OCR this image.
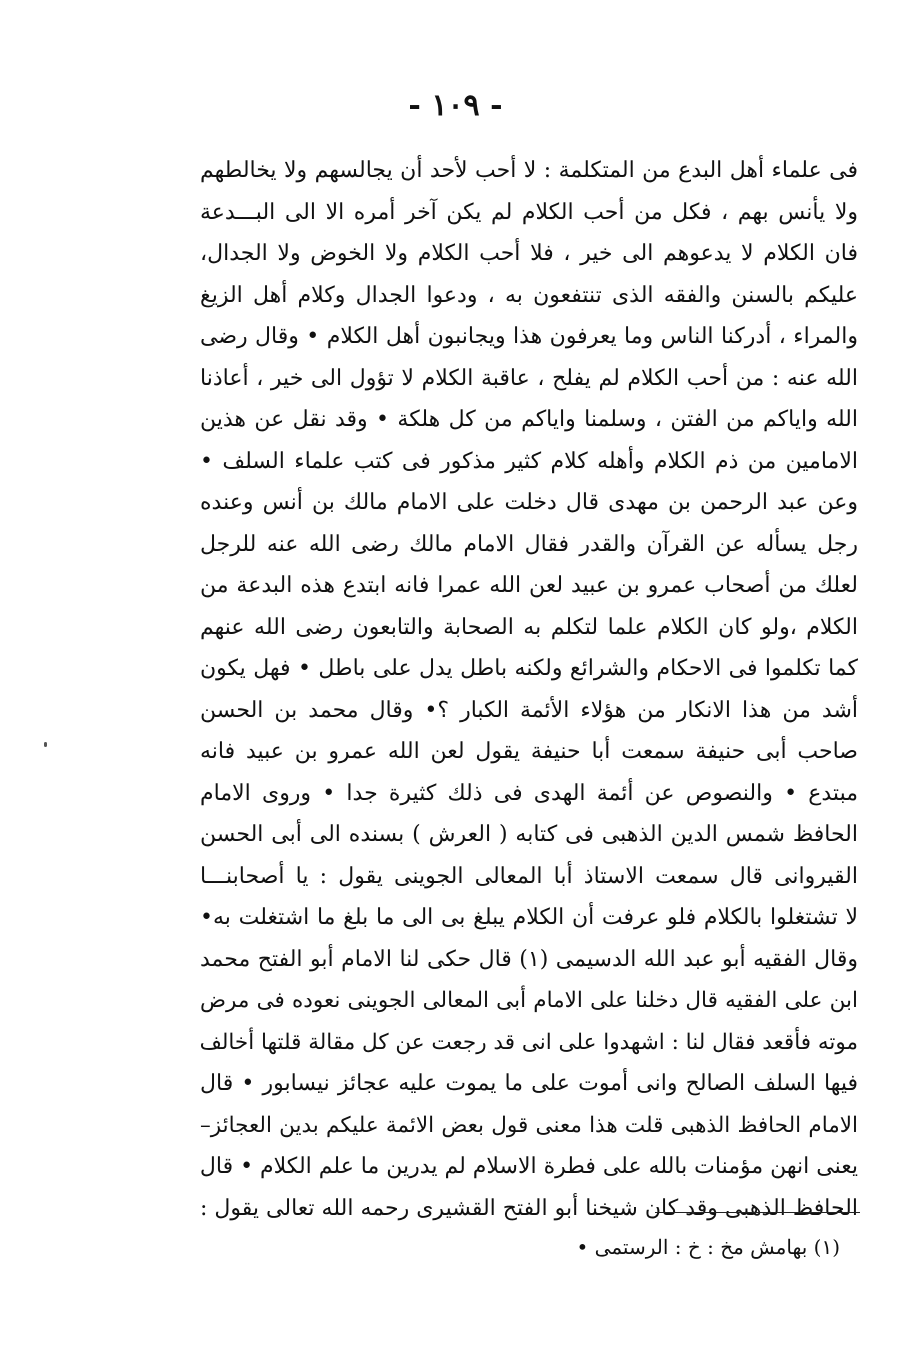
- ١٠٩ -
فى علماء أهل البدع من المتكلمة : لا أحب لأحد أن يجالسهم ولا يخالطهم
ولا يأنس بهم ، فكل من أحب الكلام لم يكن آخر أمره الا الى البـــدعة
فان الكلام لا يدعوهم الى خير ، فلا أحب الكلام ولا الخوض ولا الجدال،
عليكم بالسنن والفقه الذى تنتفعون به ، ودعوا الجدال وكلام أهل الزيغ
والمراء ، أدركنا الناس وما يعرفون هذا ويجانبون أهل الكلام • وقال رضى
الله عنه : من أحب الكلام لم يفلح ، عاقبة الكلام لا تؤول الى خير ، أعاذنا
الله واياكم من الفتن ، وسلمنا واياكم من كل هلكة • وقد نقل عن هذين
الامامين من ذم الكلام وأهله كلام كثير مذكور فى كتب علماء السلف •
وعن عبد الرحمن بن مهدى قال دخلت على الامام مالك بن أنس وعنده
رجل يسأله عن القرآن والقدر فقال الامام مالك رضى الله عنه للرجل
لعلك من أصحاب عمرو بن عبيد لعن الله عمرا فانه ابتدع هذه البدعة من
الكلام ،ولو كان الكلام علما لتكلم به الصحابة والتابعون رضى الله عنهم
كما تكلموا فى الاحكام والشرائع ولكنه باطل يدل على باطل • فهل يكون
أشد من هذا الانكار من هؤلاء الأئمة الكبار ؟• وقال محمد بن الحسن
صاحب أبى حنيفة سمعت أبا حنيفة يقول لعن الله عمرو بن عبيد فانه
مبتدع • والنصوص عن أئمة الهدى فى ذلك كثيرة جدا • وروى الامام
الحافظ شمس الدين الذهبى فى كتابه ( العرش ) بسنده الى أبى الحسن
القيروانى قال سمعت الاستاذ أبا المعالى الجوينى يقول : يا أصحابنـــا
لا تشتغلوا بالكلام فلو عرفت أن الكلام يبلغ بى الى ما بلغ ما اشتغلت به•
وقال الفقيه أبو عبد الله الدسيمى (١) قال حكى لنا الامام أبو الفتح محمد
ابن على الفقيه قال دخلنا على الامام أبى المعالى الجوينى نعوده فى مرض
موته فأقعد فقال لنا : اشهدوا على انى قد رجعت عن كل مقالة قلتها أخالف
فيها السلف الصالح وانى أموت على ما يموت عليه عجائز نيسابور • قال
الامام الحافظ الذهبى قلت هذا معنى قول بعض الائمة عليكم بدين العجائز–
يعنى انهن مؤمنات بالله على فطرة الاسلام لم يدرين ما علم الكلام • قال
الحافظ الذهبى وقد كان شيخنا أبو الفتح القشيرى رحمه الله تعالى يقول :
(١) بهامش مخ : خ : الرستمى •
